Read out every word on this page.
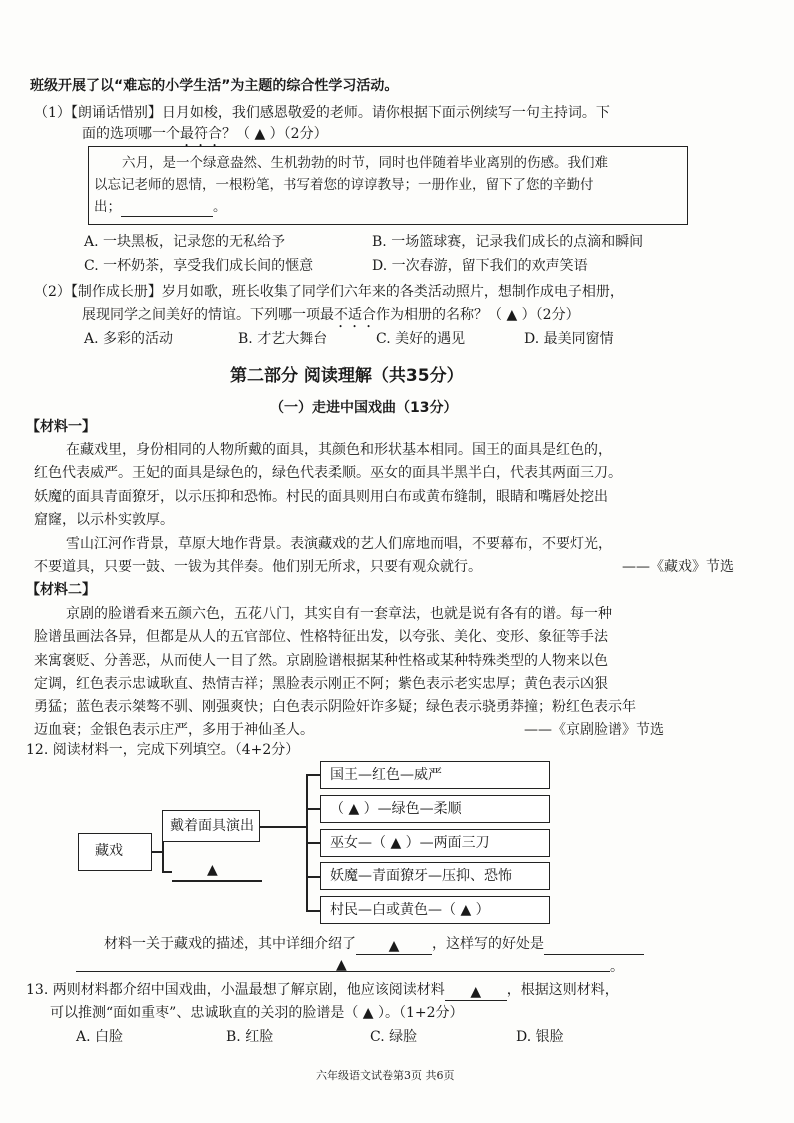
班级开展了以“难忘的小学生活”为主题的综合性学习活动。
（1）【朗诵话惜别】日月如梭，我们感恩敬爱的老师。请你根据下面示例续写一句主持词。下
面的选项哪一个最符合？（ ▲ ）（2分）
六月，是一个绿意盎然、生机勃勃的时节，同时也伴随着毕业离别的伤感。我们难
以忘记老师的恩情，一根粉笔，书写着您的谆谆教导；一册作业，留下了您的辛勤付
出；	。
A. 一块黑板，记录您的无私给予	B. 一场篮球赛，记录我们成长的点滴和瞬间
C. 一杯奶茶，享受我们成长间的惬意	D. 一次春游，留下我们的欢声笑语
（2）【制作成长册】岁月如歌，班长收集了同学们六年来的各类活动照片，想制作成电子相册，
展现同学之间美好的情谊。下列哪一项最不适合作为相册的名称？（ ▲ ）（2分）
A. 多彩的活动	B. 才艺大舞台	C. 美好的遇见	D. 最美同窗情
第二部分 阅读理解（共35分）
（一）走进中国戏曲（13分）
【材料一】
在藏戏里，身份相同的人物所戴的面具，其颜色和形状基本相同。国王的面具是红色的，
红色代表威严。王妃的面具是绿色的，绿色代表柔顺。巫女的面具半黑半白，代表其两面三刀。
妖魔的面具青面獠牙，以示压抑和恐怖。村民的面具则用白布或黄布缝制，眼睛和嘴唇处挖出
窟窿，以示朴实敦厚。
雪山江河作背景，草原大地作背景。表演藏戏的艺人们席地而唱，不要幕布，不要灯光，
不要道具，只要一鼓、一钹为其伴奏。他们别无所求，只要有观众就行。	——《藏戏》节选
【材料二】
京剧的脸谱看来五颜六色，五花八门，其实自有一套章法，也就是说有各有的谱。每一种
脸谱虽画法各异，但都是从人的五官部位、性格特征出发，以夸张、美化、变形、象征等手法
来寓褒贬、分善恶，从而使人一目了然。京剧脸谱根据某种性格或某种特殊类型的人物来以色
定调，红色表示忠诚耿直、热情吉祥；黑脸表示刚正不阿；紫色表示老实忠厚；黄色表示凶狠
勇猛；蓝色表示桀骜不驯、刚强爽快；白色表示阴险奸诈多疑；绿色表示骁勇莽撞；粉红色表示年
迈血衰；金银色表示庄严，多用于神仙圣人。	——《京剧脸谱》节选
12. 阅读材料一，完成下列填空。（4+2分）
藏戏
戴着面具演出
▲
国王—红色—威严
（ ▲ ）—绿色—柔顺
巫女—（ ▲ ）—两面三刀
妖魔—青面獠牙—压抑、恐怖
村民—白或黄色—（ ▲ ）
材料一关于藏戏的描述，其中详细介绍了 ▲ ，这样写的好处是
▲	。
13. 两则材料都介绍中国戏曲，小温最想了解京剧，他应该阅读材料 ▲ ，根据这则材料，
可以推测“面如重枣”、忠诚耿直的关羽的脸谱是（ ▲ ）。（1+2分）
A. 白脸	B. 红脸	C. 绿脸	D. 银脸
六年级语文试卷第3页 共6页
